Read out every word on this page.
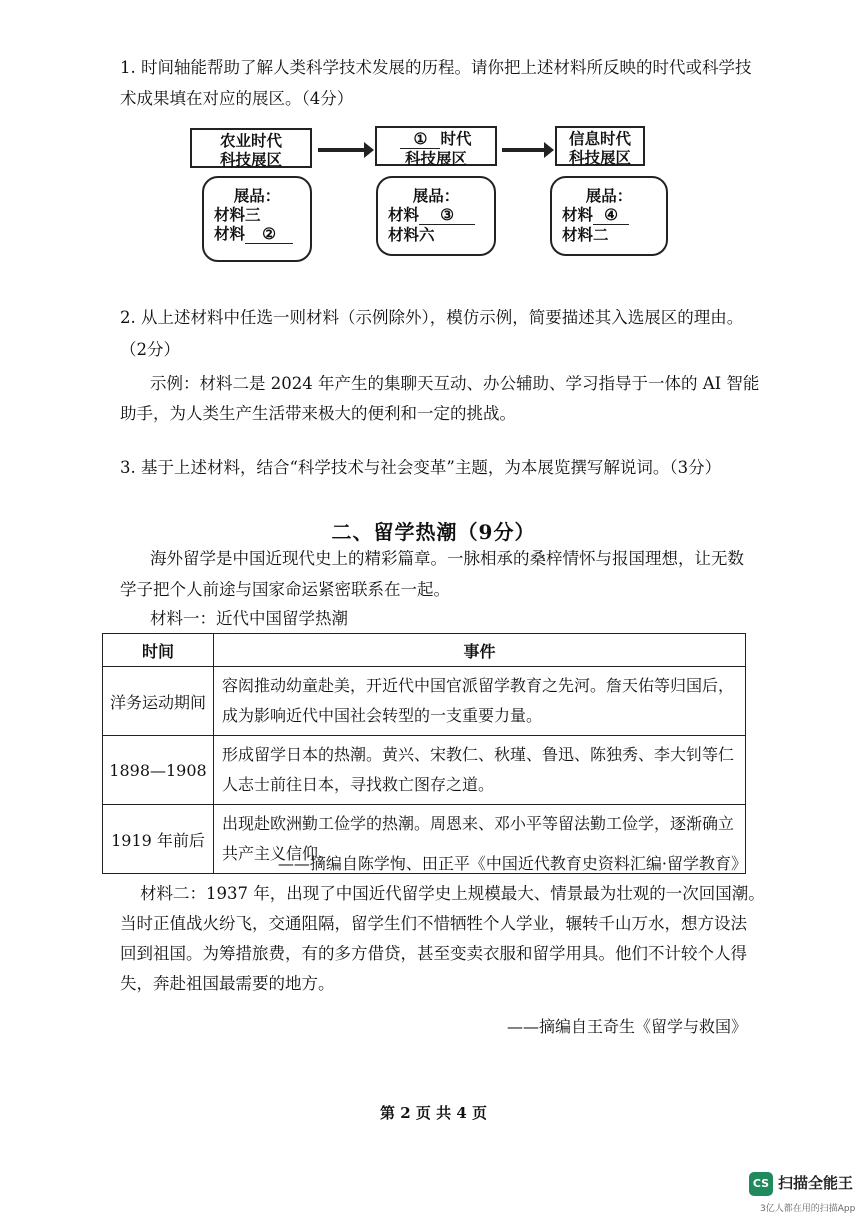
1. 时间轴能帮助了解人类科学技术发展的历程。请你把上述材料所反映的时代或科学技
术成果填在对应的展区。（4分）
农业时代
科技展区
① 时代
科技展区
信息时代
科技展区
展品：
材料三
材料 ②
展品：
材料 ③
材料六
展品：
材料 ④
材料二
2. 从上述材料中任选一则材料（示例除外），模仿示例，简要描述其入选展区的理由。
（2分）
示例：材料二是 2024 年产生的集聊天互动、办公辅助、学习指导于一体的 AI 智能
助手，为人类生产生活带来极大的便利和一定的挑战。
3. 基于上述材料，结合“科学技术与社会变革”主题，为本展览撰写解说词。（3分）
二、留学热潮（9分）
海外留学是中国近现代史上的精彩篇章。一脉相承的桑梓情怀与报国理想，让无数
学子把个人前途与国家命运紧密联系在一起。
材料一：近代中国留学热潮
时间	事件
洋务运动期间	容闳推动幼童赴美，开近代中国官派留学教育之先河。詹天佑等归国后，
成为影响近代中国社会转型的一支重要力量。

1898—1908	形成留学日本的热潮。黄兴、宋教仁、秋瑾、鲁迅、陈独秀、李大钊等仁
人志士前往日本，寻找救亡图存之道。

1919 年前后	出现赴欧洲勤工俭学的热潮。周恩来、邓小平等留法勤工俭学，逐渐确立
共产主义信仰。
——摘编自陈学恂、田正平《中国近代教育史资料汇编·留学教育》
材料二：1937 年，出现了中国近代留学史上规模最大、情景最为壮观的一次回国潮。
当时正值战火纷飞，交通阻隔，留学生们不惜牺牲个人学业，辗转千山万水，想方设法
回到祖国。为筹措旅费，有的多方借贷，甚至变卖衣服和留学用具。他们不计较个人得
失，奔赴祖国最需要的地方。
——摘编自王奇生《留学与救国》
第 2 页 共 4 页
CS 扫描全能王
3亿人都在用的扫描App
